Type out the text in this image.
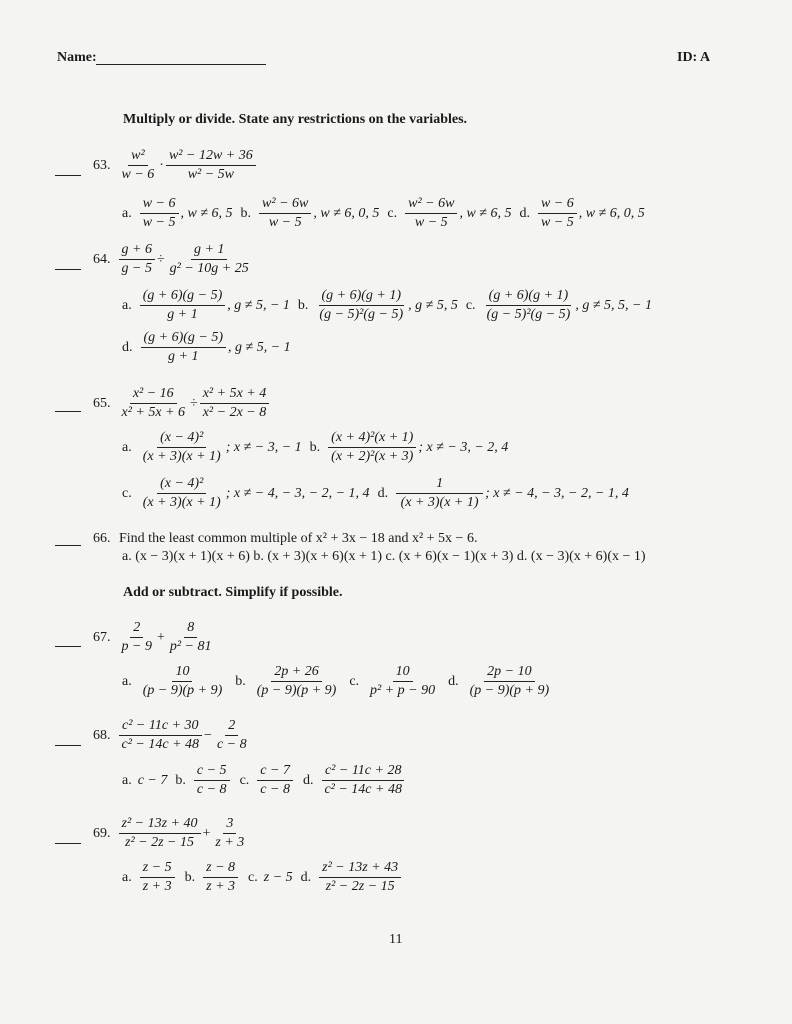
Name:	ID: A
Multiply or divide. State any restrictions on the variables.
63. $\frac{\text{w²}}{w - 6} \cdot \frac{\text{w² − 12w + 36}}{\text{w² − 5w}}$
a. $\frac{w - 6}{w - 5}$ , w ≠ 6, 5 b. $\frac{\text{w² − 6w}}{w - 5}$ , w ≠ 6, 0, 5 c. $\frac{\text{w² − 6w}}{w - 5}$ , w ≠ 6, 5 d. $\frac{w - 6}{w - 5}$ , w ≠ 6, 0, 5
64. $\frac{g + 6}{g - 5} \div \frac{g + 1}{\text{g² − 10g + 25}}$
a. $\frac{(g + 6)(g - 5)}{g + 1}$ , g ≠ 5, − 1 b. $\frac{(g + 6)(g + 1)}{\text{(g − 5)²(g − 5)}}$ , g ≠ 5, 5 c. $\frac{(g + 6)(g + 1)}{\text{(g − 5)²(g − 5)}}$ , g ≠ 5, 5, − 1
d. $\frac{(g + 6)(g - 5)}{g + 1}$ , g ≠ 5, − 1
65. $\frac{\text{x² − 16}}{\text{x² + 5x + 6}} \div \frac{\text{x² + 5x + 4}}{\text{x² − 2x − 8}}$
a. $\frac{\text{(x − 4)²}}{(x + 3)(x + 1)}$ ; x ≠ − 3, − 1 b. $\frac{\text{(x + 4)²(x + 1)}}{\text{(x + 2)²(x + 3)}}$ ; x ≠ − 3, − 2, 4
c. $\frac{\text{(x − 4)²}}{(x + 3)(x + 1)}$ ; x ≠ − 4, − 3, − 2, − 1, 4 d. $\frac{1}{(x + 3)(x + 1)}$ ; x ≠ − 4, − 3, − 2, − 1, 4
66. Find the least common multiple of x² + 3x − 18 and x² + 5x − 6.
a. (x − 3)(x + 1)(x + 6) b. (x + 3)(x + 6)(x + 1) c. (x + 6)(x − 1)(x + 3) d. (x − 3)(x + 6)(x − 1)
Add or subtract. Simplify if possible.
67. $\frac{2}{p - 9} + \frac{8}{\text{p² − 81}}$
a. $\frac{10}{(p - 9)(p + 9)} b$. $\frac{2p + 26}{(p - 9)(p + 9)} c$. $\frac{10}{\text{p² + p − 90}} d$. $\frac{2p - 10}{(p - 9)(p + 9)}$
68. $\frac{\text{c² − 11c + 30}}{\text{c² − 14c + 48}} - \frac{2}{c - 8}$
a. c − 7 b. $\frac{c - 5}{c - 8} c$. $\frac{c - 7}{c - 8} d$. $\frac{\text{c² − 11c + 28}}{\text{c² − 14c + 48}}$
69. $\frac{\text{z² − 13z + 40}}{\text{z² − 2z − 15}} + \frac{3}{z + 3}$
a. $\frac{z - 5}{z + 3} b$. $\frac{z - 8}{z + 3} c$. z − 5 d. $\frac{\text{z² − 13z + 43}}{\text{z² − 2z − 15}}$
11
